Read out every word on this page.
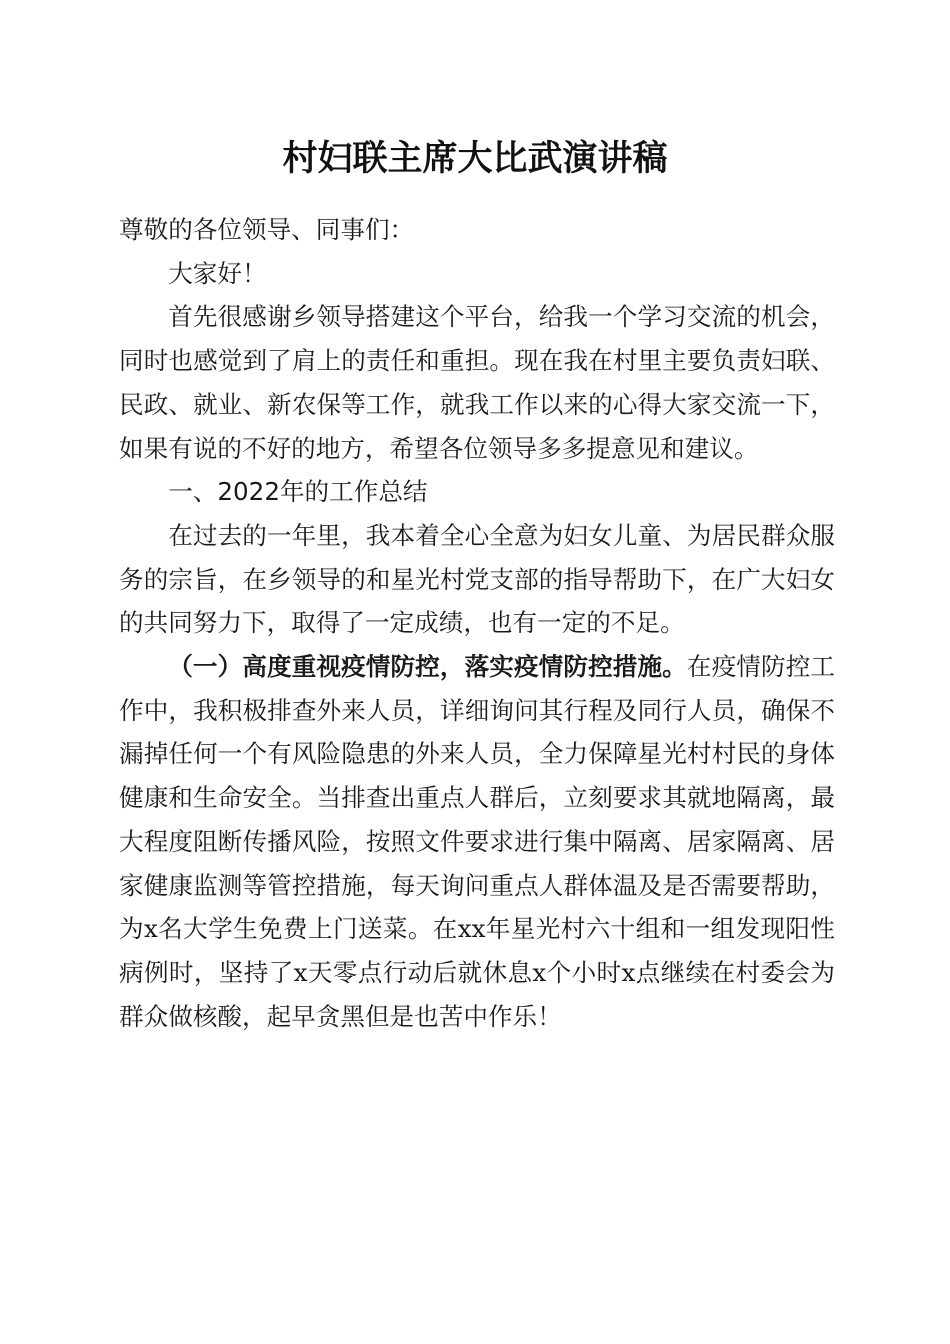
村妇联主席大比武演讲稿

尊敬的各位领导、同事们：

大家好！

首先很感谢乡领导搭建这个平台，给我一个学习交流的机会，同时也感觉到了肩上的责任和重担。现在我在村里主要负责妇联、民政、就业、新农保等工作，就我工作以来的心得大家交流一下，如果有说的不好的地方，希望各位领导多多提意见和建议。

一、2022年的工作总结

在过去的一年里，我本着全心全意为妇女儿童、为居民群众服务的宗旨，在乡领导的和星光村党支部的指导帮助下，在广大妇女的共同努力下，取得了一定成绩，也有一定的不足。

（一）高度重视疫情防控，落实疫情防控措施。在疫情防控工作中，我积极排查外来人员，详细询问其行程及同行人员，确保不漏掉任何一个有风险隐患的外来人员，全力保障星光村村民的身体健康和生命安全。当排查出重点人群后，立刻要求其就地隔离，最大程度阻断传播风险，按照文件要求进行集中隔离、居家隔离、居家健康监测等管控措施，每天询问重点人群体温及是否需要帮助，为x名大学生免费上门送菜。在xx年星光村六十组和一组发现阳性病例时，坚持了x天零点行动后就休息x个小时x点继续在村委会为群众做核酸，起早贪黑但是也苦中作乐！
